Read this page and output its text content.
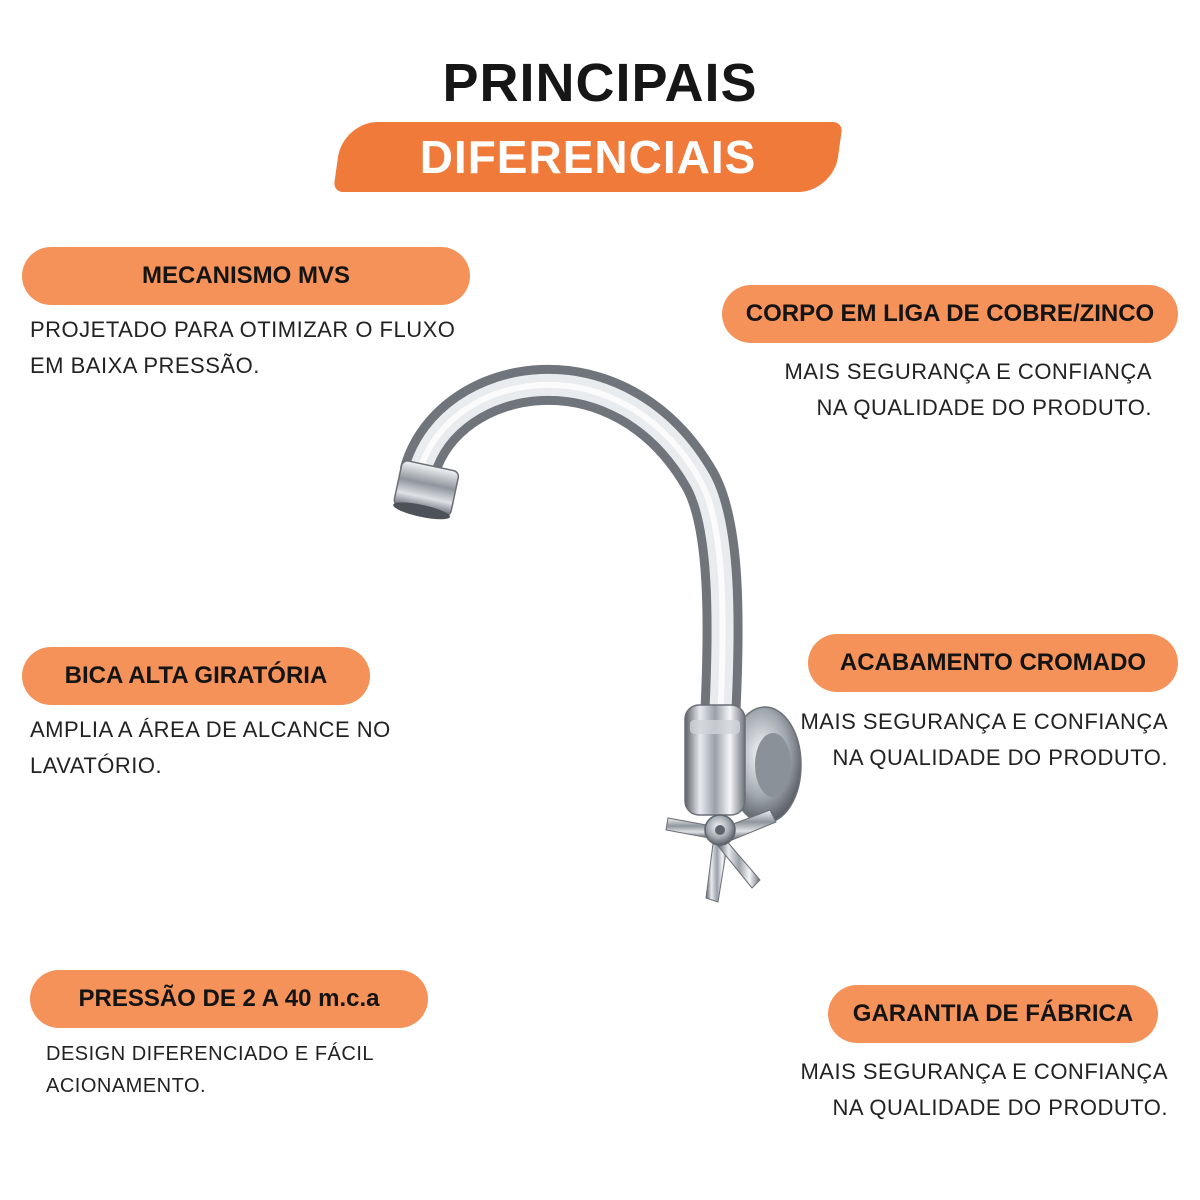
PRINCIPAIS
DIFERENCIAIS
MECANISMO MVS
PROJETADO PARA OTIMIZAR O FLUXO
EM BAIXA PRESSÃO.
BICA ALTA GIRATÓRIA
AMPLIA A ÁREA DE ALCANCE NO
LAVATÓRIO.
PRESSÃO DE 2 A 40 m.c.a
DESIGN DIFERENCIADO E FÁCIL
ACIONAMENTO.
CORPO EM LIGA DE COBRE/ZINCO
MAIS SEGURANÇA E CONFIANÇA
NA QUALIDADE DO PRODUTO.
ACABAMENTO CROMADO
MAIS SEGURANÇA E CONFIANÇA
NA QUALIDADE DO PRODUTO.
GARANTIA DE FÁBRICA
MAIS SEGURANÇA E CONFIANÇA
NA QUALIDADE DO PRODUTO.
